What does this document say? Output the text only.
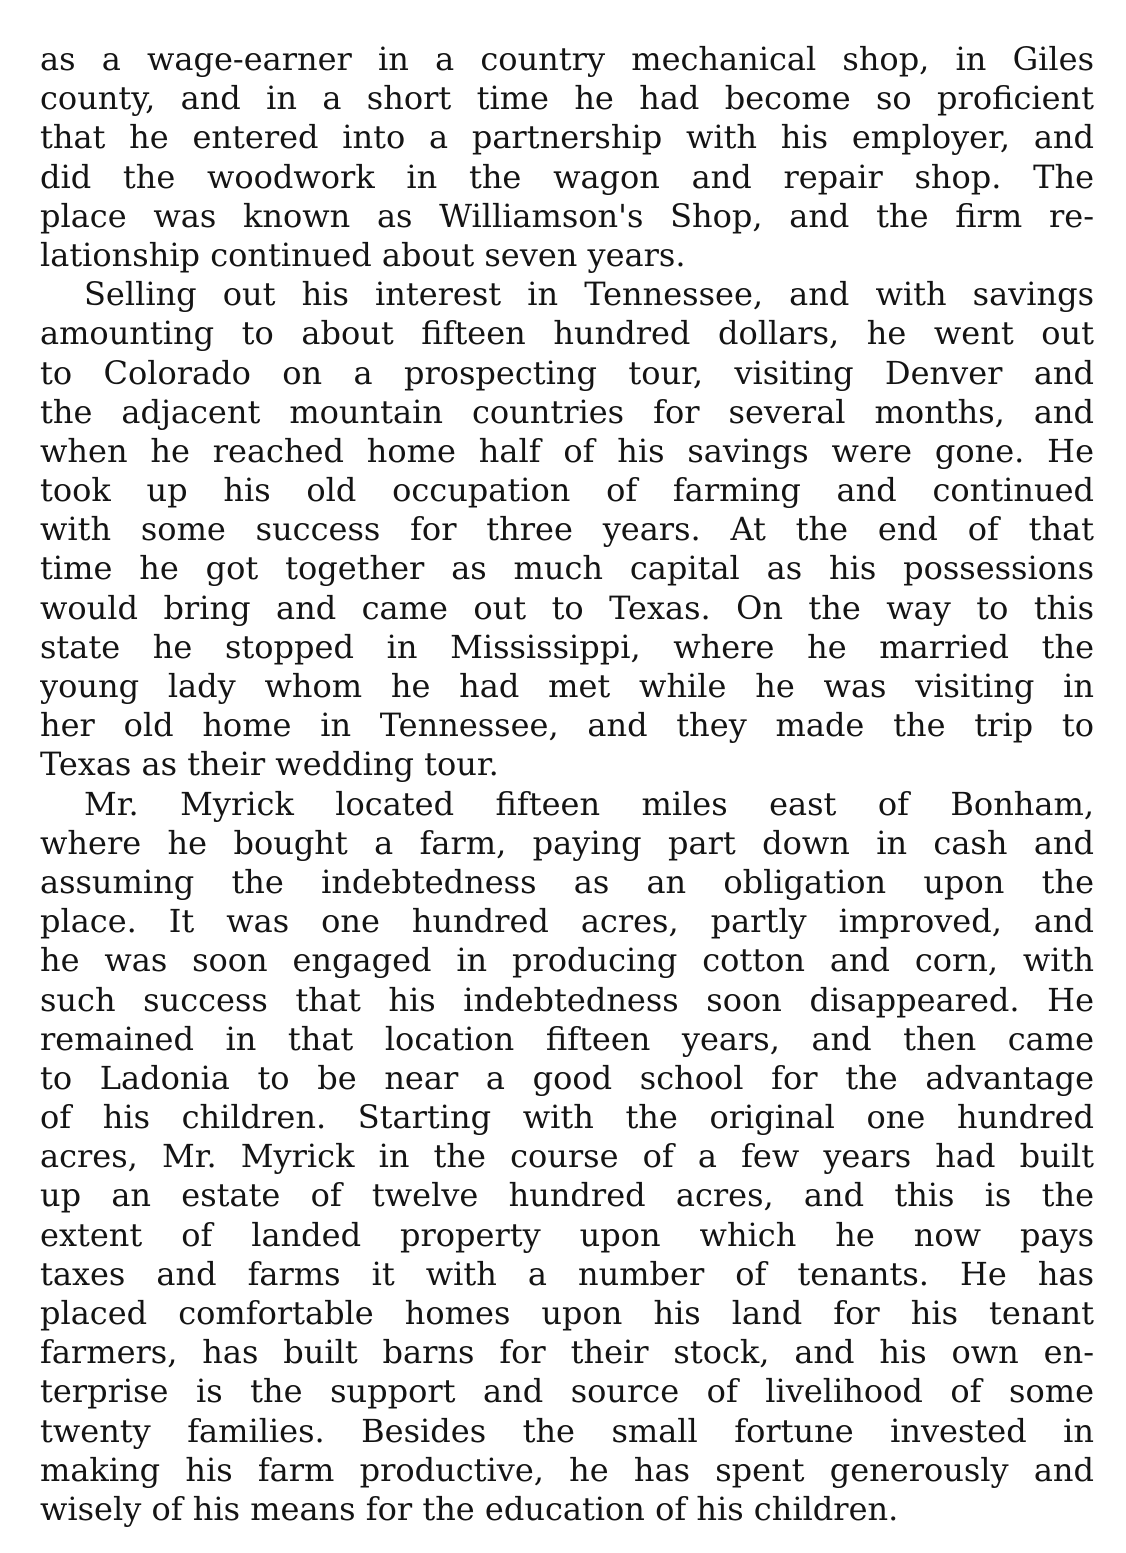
as a wage-earner in a country mechanical shop, in Giles
county, and in a short time he had become so proficient
that he entered into a partnership with his employer, and
did the woodwork in the wagon and repair shop. The
place was known as Williamson's Shop, and the firm re-
lationship continued about seven years.
Selling out his interest in Tennessee, and with savings
amounting to about fifteen hundred dollars, he went out
to Colorado on a prospecting tour, visiting Denver and
the adjacent mountain countries for several months, and
when he reached home half of his savings were gone. He
took up his old occupation of farming and continued
with some success for three years. At the end of that
time he got together as much capital as his possessions
would bring and came out to Texas. On the way to this
state he stopped in Mississippi, where he married the
young lady whom he had met while he was visiting in
her old home in Tennessee, and they made the trip to
Texas as their wedding tour.
Mr. Myrick located fifteen miles east of Bonham,
where he bought a farm, paying part down in cash and
assuming the indebtedness as an obligation upon the
place. It was one hundred acres, partly improved, and
he was soon engaged in producing cotton and corn, with
such success that his indebtedness soon disappeared. He
remained in that location fifteen years, and then came
to Ladonia to be near a good school for the advantage
of his children. Starting with the original one hundred
acres, Mr. Myrick in the course of a few years had built
up an estate of twelve hundred acres, and this is the
extent of landed property upon which he now pays
taxes and farms it with a number of tenants. He has
placed comfortable homes upon his land for his tenant
farmers, has built barns for their stock, and his own en-
terprise is the support and source of livelihood of some
twenty families. Besides the small fortune invested in
making his farm productive, he has spent generously and
wisely of his means for the education of his children.
